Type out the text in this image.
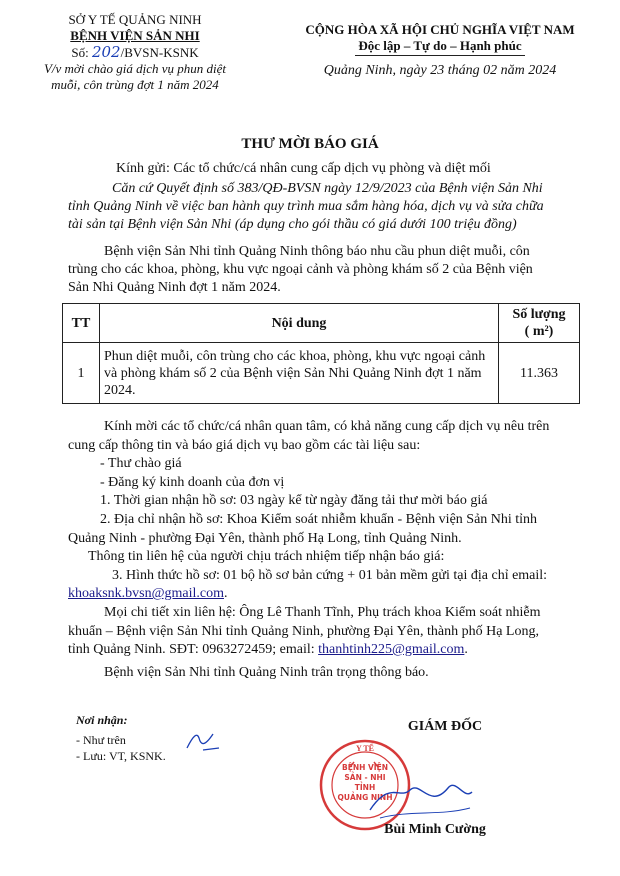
SỞ Y TẾ QUẢNG NINH
BỆNH VIỆN SẢN NHI
Số: 202/BVSN-KSNK
V/v mời chào giá dịch vụ phun diệt
muỗi, côn trùng đợt 1 năm 2024
CỘNG HÒA XÃ HỘI CHỦ NGHĨA VIỆT NAM
Độc lập – Tự do – Hạnh phúc
Quảng Ninh, ngày 23 tháng 02 năm 2024
THƯ MỜI BÁO GIÁ
Kính gửi: Các tổ chức/cá nhân cung cấp dịch vụ phòng và diệt mối
Căn cứ Quyết định số 383/QĐ-BVSN ngày 12/9/2023 của Bệnh viện Sản Nhi
tỉnh Quảng Ninh về việc ban hành quy trình mua sắm hàng hóa, dịch vụ và sửa chữa
tài sản tại Bệnh viện Sản Nhi (áp dụng cho gói thầu có giá dưới 100 triệu đồng)
Bệnh viện Sản Nhi tỉnh Quảng Ninh thông báo nhu cầu phun diệt muỗi, côn
trùng cho các khoa, phòng, khu vực ngoại cảnh và phòng khám số 2 của Bệnh viện
Sản Nhi Quảng Ninh đợt 1 năm 2024.
TT	Nội dung	Số lượng
( m²)

1	Phun diệt muỗi, côn trùng cho các khoa, phòng, khu vực ngoại cảnh
và phòng khám số 2 của Bệnh viện Sản Nhi Quảng Ninh đợt 1 năm
2024.	11.363
Kính mời các tổ chức/cá nhân quan tâm, có khả năng cung cấp dịch vụ nêu trên
cung cấp thông tin và báo giá dịch vụ bao gồm các tài liệu sau:
- Thư chào giá
- Đăng ký kinh doanh của đơn vị
1. Thời gian nhận hồ sơ: 03 ngày kể từ ngày đăng tải thư mời báo giá
2. Địa chỉ nhận hồ sơ: Khoa Kiểm soát nhiễm khuẩn - Bệnh viện Sản Nhi tỉnh
Quảng Ninh - phường Đại Yên, thành phố Hạ Long, tỉnh Quảng Ninh.
Thông tin liên hệ của người chịu trách nhiệm tiếp nhận báo giá:
3. Hình thức hồ sơ: 01 bộ hồ sơ bản cứng + 01 bản mềm gửi tại địa chỉ email:
khoaksnk.bvsn@gmail.com.
Mọi chi tiết xin liên hệ: Ông Lê Thanh Tĩnh, Phụ trách khoa Kiểm soát nhiễm
khuẩn – Bệnh viện Sản Nhi tỉnh Quảng Ninh, phường Đại Yên, thành phố Hạ Long,
tỉnh Quảng Ninh. SĐT: 0963272459; email: thanhtinh225@gmail.com.
Bệnh viện Sản Nhi tỉnh Quảng Ninh trân trọng thông báo.
Nơi nhận:
- Như trên
- Lưu: VT, KSNK.
GIÁM ĐỐC
Y TẾ
BỆNH VIỆN
SẢN - NHI
TỈNH
QUẢNG NINH
Bùi Minh Cường
